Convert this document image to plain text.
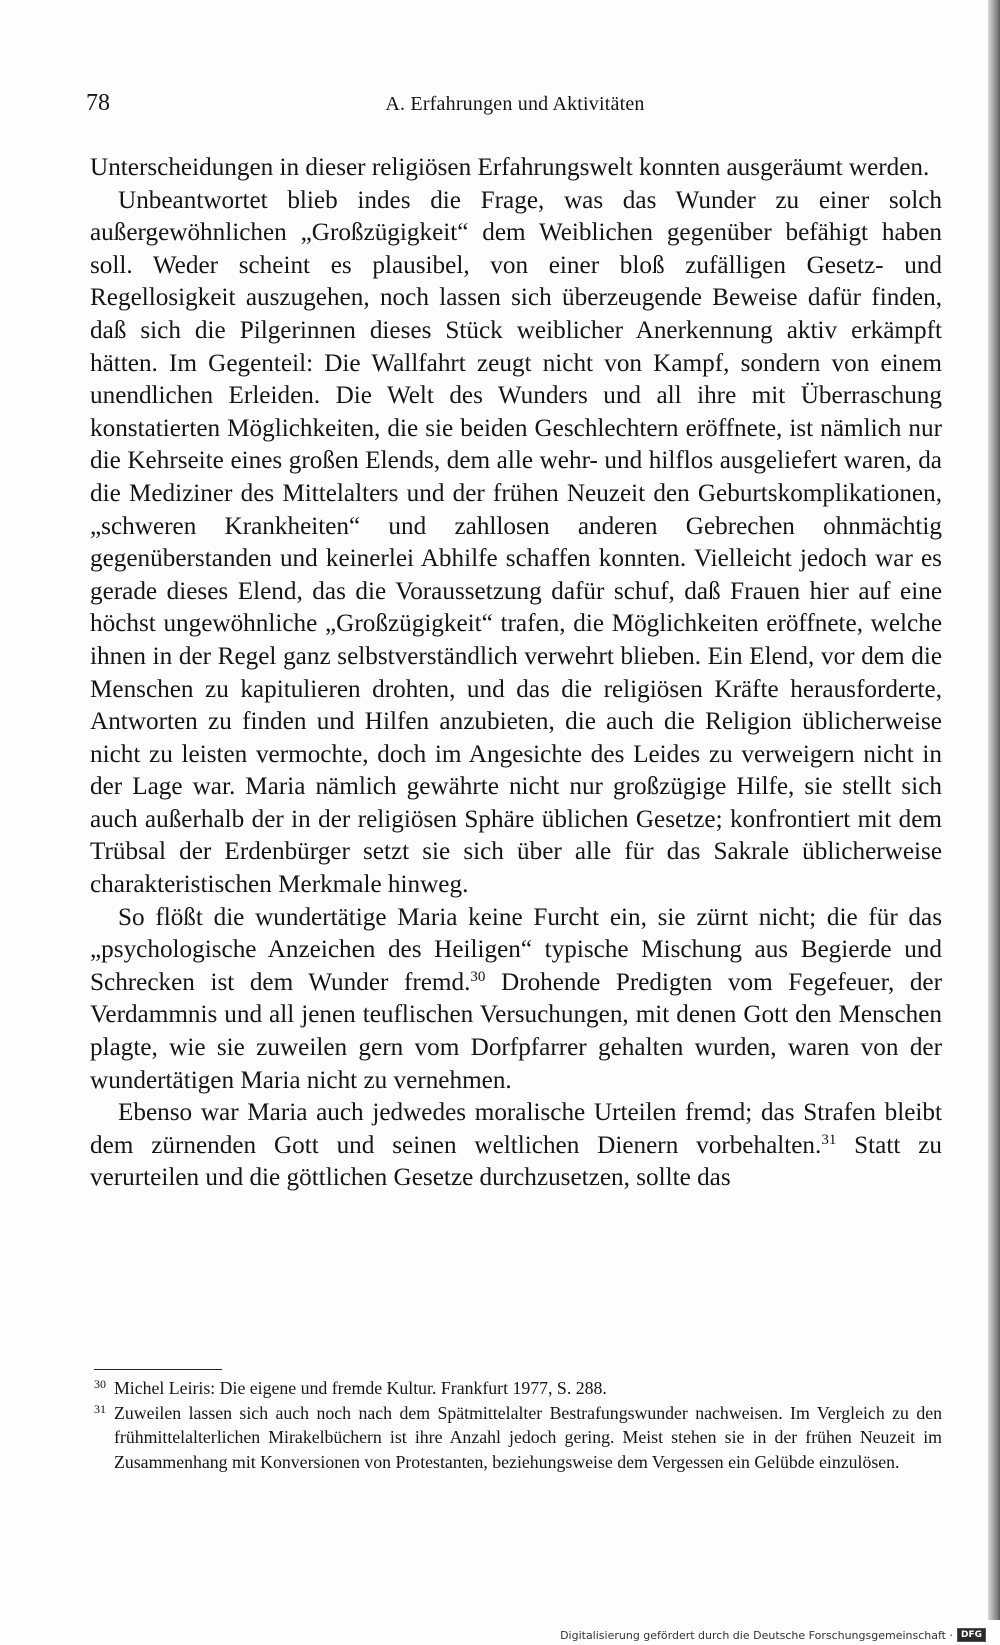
78	A. Erfahrungen und Aktivitäten

Unterscheidungen in dieser religiösen Erfahrungswelt konnten ausgeräumt werden.

Unbeantwortet blieb indes die Frage, was das Wunder zu einer solch außergewöhnlichen „Großzügigkeit“ dem Weiblichen gegenüber befähigt haben soll. Weder scheint es plausibel, von einer bloß zufälligen Gesetz- und Regellosigkeit auszugehen, noch lassen sich überzeugende Beweise dafür finden, daß sich die Pilgerinnen dieses Stück weiblicher Anerkennung aktiv erkämpft hätten. Im Gegenteil: Die Wallfahrt zeugt nicht von Kampf, sondern von einem unendlichen Erleiden. Die Welt des Wunders und all ihre mit Überraschung konstatierten Möglichkeiten, die sie beiden Geschlechtern eröffnete, ist nämlich nur die Kehrseite eines großen Elends, dem alle wehr- und hilflos ausgeliefert waren, da die Mediziner des Mittelalters und der frühen Neuzeit den Geburtskomplikationen, „schweren Krankheiten“ und zahllosen anderen Gebrechen ohnmächtig gegenüberstanden und keinerlei Abhilfe schaffen konnten. Vielleicht jedoch war es gerade dieses Elend, das die Voraussetzung dafür schuf, daß Frauen hier auf eine höchst ungewöhnliche „Großzügigkeit“ trafen, die Möglichkeiten eröffnete, welche ihnen in der Regel ganz selbstverständlich verwehrt blieben. Ein Elend, vor dem die Menschen zu kapitulieren drohten, und das die religiösen Kräfte herausforderte, Antworten zu finden und Hilfen anzubieten, die auch die Religion üblicherweise nicht zu leisten vermochte, doch im Angesichte des Leides zu verweigern nicht in der Lage war. Maria nämlich gewährte nicht nur großzügige Hilfe, sie stellt sich auch außerhalb der in der religiösen Sphäre üblichen Gesetze; konfrontiert mit dem Trübsal der Erdenbürger setzt sie sich über alle für das Sakrale üblicherweise charakteristischen Merkmale hinweg.

So flößt die wundertätige Maria keine Furcht ein, sie zürnt nicht; die für das „psychologische Anzeichen des Heiligen“ typische Mischung aus Begierde und Schrecken ist dem Wunder fremd.$^{30}$ Drohende Predigten vom Fegefeuer, der Verdammnis und all jenen teuflischen Versuchungen, mit denen Gott den Menschen plagte, wie sie zuweilen gern vom Dorfpfarrer gehalten wurden, waren von der wundertätigen Maria nicht zu vernehmen.

Ebenso war Maria auch jedwedes moralische Urteilen fremd; das Strafen bleibt dem zürnenden Gott und seinen weltlichen Dienern vorbehalten.$^{31}$ Statt zu verurteilen und die göttlichen Gesetze durchzusetzen, sollte das

30 Michel Leiris: Die eigene und fremde Kultur. Frankfurt 1977, S. 288.

31 Zuweilen lassen sich auch noch nach dem Spätmittelalter Bestrafungswunder nachweisen. Im Vergleich zu den frühmittelalterlichen Mirakelbüchern ist ihre Anzahl jedoch gering. Meist stehen sie in der frühen Neuzeit im Zusammenhang mit Konversionen von Protestanten, beziehungsweise dem Vergessen ein Gelübde einzulösen.

Digitalisierung gefördert durch die Deutsche Forschungsgemeinschaft · DFG
